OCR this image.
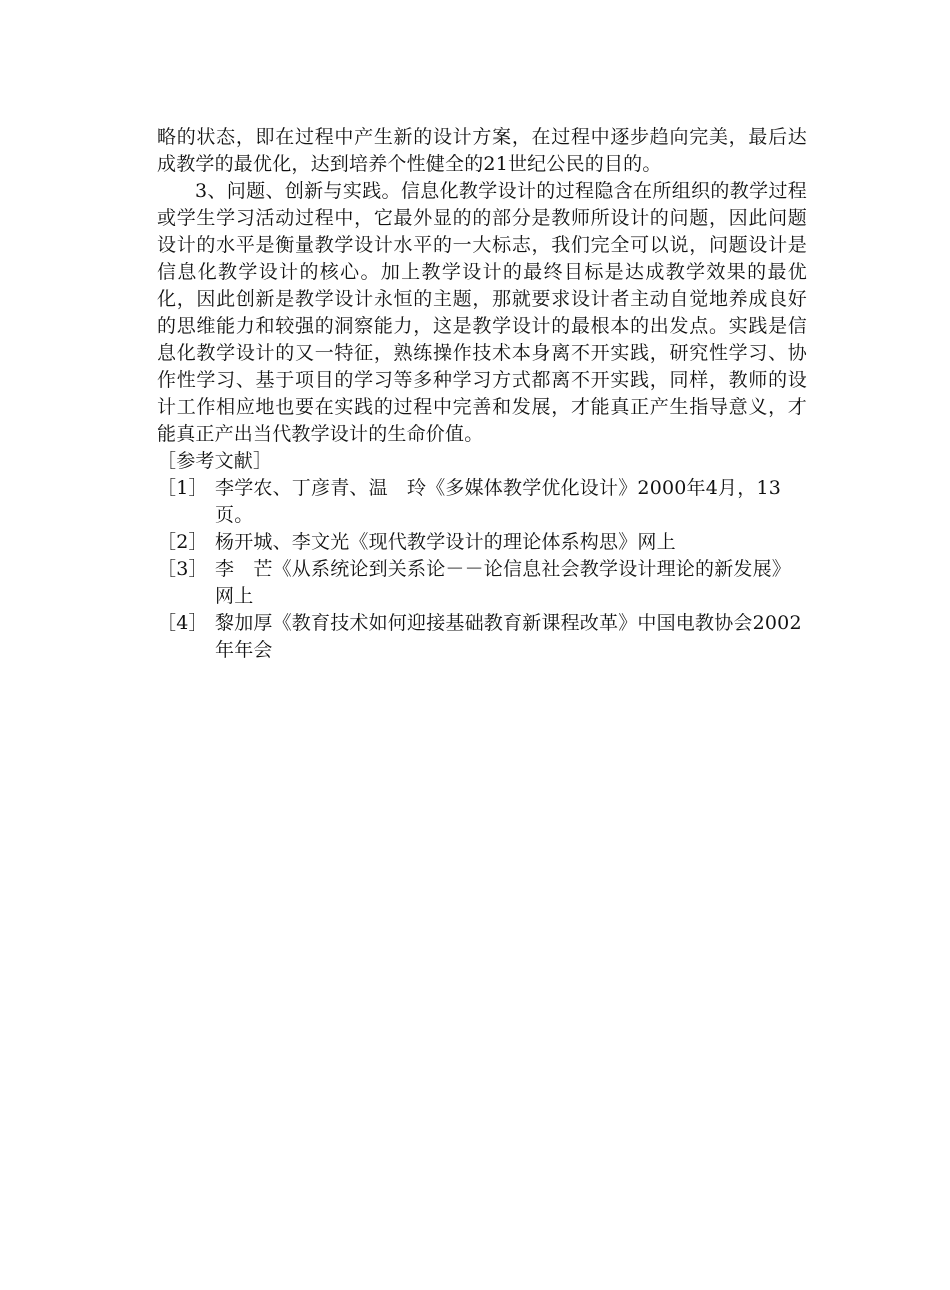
略的状态，即在过程中产生新的设计方案，在过程中逐步趋向完美，最后达成教学的最优化，达到培养个性健全的21世纪公民的目的。

3、问题、创新与实践。信息化教学设计的过程隐含在所组织的教学过程或学生学习活动过程中，它最外显的的部分是教师所设计的问题，因此问题设计的水平是衡量教学设计水平的一大标志，我们完全可以说，问题设计是信息化教学设计的核心。加上教学设计的最终目标是达成教学效果的最优化，因此创新是教学设计永恒的主题，那就要求设计者主动自觉地养成良好的思维能力和较强的洞察能力，这是教学设计的最根本的出发点。实践是信息化教学设计的又一特征，熟练操作技术本身离不开实践，研究性学习、协作性学习、基于项目的学习等多种学习方式都离不开实践，同样，教师的设计工作相应地也要在实践的过程中完善和发展，才能真正产生指导意义，才能真正产出当代教学设计的生命价值。

［参考文献］

［1］ 李学农、丁彦青、温　玲《多媒体教学优化设计》2000年4月，13页。
［2］ 杨开城、李文光《现代教学设计的理论体系构思》网上
［3］ 李　芒《从系统论到关系论－－论信息社会教学设计理论的新发展》网上
［4］ 黎加厚《教育技术如何迎接基础教育新课程改革》中国电教协会2002年年会
